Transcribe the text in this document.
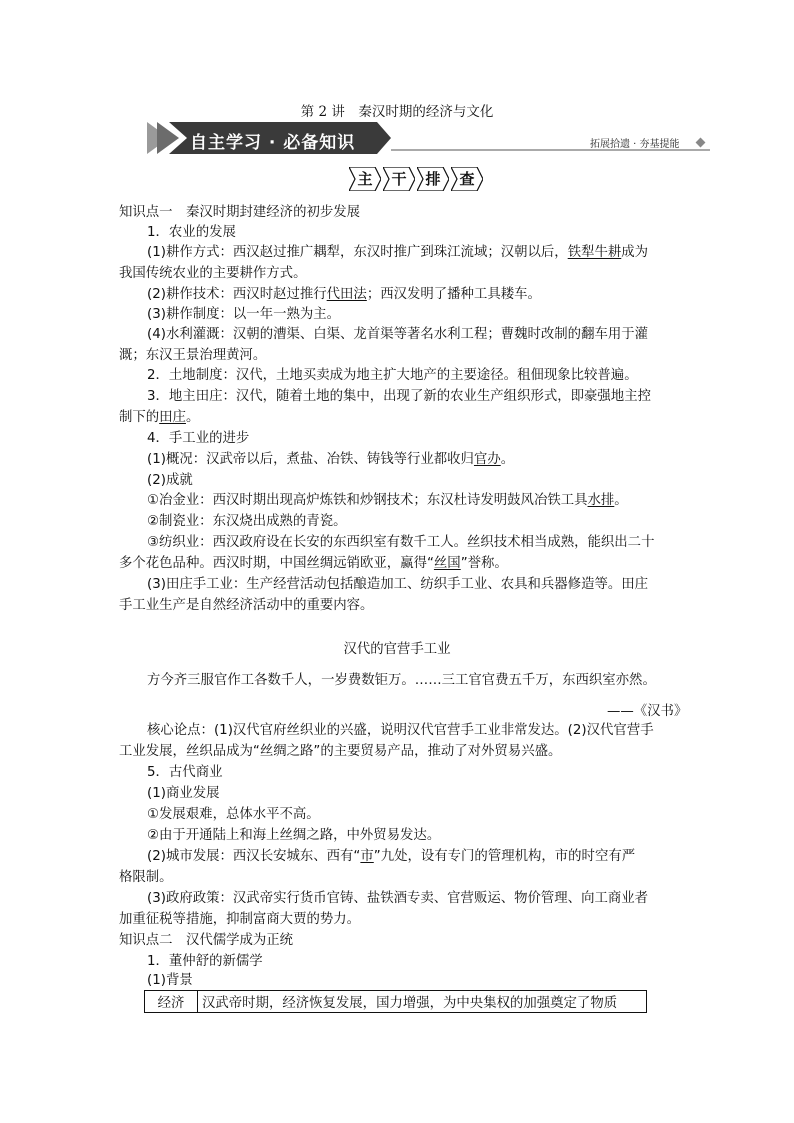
第 2 讲　秦汉时期的经济与文化
自主学习 · 必备知识	拓展拾遗 · 夯基提能
主	干	排	查
知识点一　秦汉时期封建经济的初步发展
1．农业的发展
(1)耕作方式：西汉赵过推广耦犁，东汉时推广到珠江流域；汉朝以后，铁犁牛耕成为
我国传统农业的主要耕作方式。
(2)耕作技术：西汉时赵过推行代田法；西汉发明了播种工具耧车。
(3)耕作制度：以一年一熟为主。
(4)水利灌溉：汉朝的漕渠、白渠、龙首渠等著名水利工程；曹魏时改制的翻车用于灌
溉；东汉王景治理黄河。
2．土地制度：汉代，土地买卖成为地主扩大地产的主要途径。租佃现象比较普遍。
3．地主田庄：汉代，随着土地的集中，出现了新的农业生产组织形式，即豪强地主控
制下的田庄。
4．手工业的进步
(1)概况：汉武帝以后，煮盐、冶铁、铸钱等行业都收归官办。
(2)成就
①冶金业：西汉时期出现高炉炼铁和炒钢技术；东汉杜诗发明鼓风冶铁工具水排。
②制瓷业：东汉烧出成熟的青瓷。
③纺织业：西汉政府设在长安的东西织室有数千工人。丝织技术相当成熟，能织出二十
多个花色品种。西汉时期，中国丝绸远销欧亚，赢得“丝国”誉称。
(3)田庄手工业：生产经营活动包括酿造加工、纺织手工业、农具和兵器修造等。田庄
手工业生产是自然经济活动中的重要内容。
汉代的官营手工业
方今齐三服官作工各数千人，一岁费数钜万。……三工官官费五千万，东西织室亦然。
——《汉书》
核心论点：(1)汉代官府丝织业的兴盛，说明汉代官营手工业非常发达。(2)汉代官营手
工业发展，丝织品成为“丝绸之路”的主要贸易产品，推动了对外贸易兴盛。
5．古代商业
(1)商业发展
①发展艰难，总体水平不高。
②由于开通陆上和海上丝绸之路，中外贸易发达。
(2)城市发展：西汉长安城东、西有“市”九处，设有专门的管理机构，市的时空有严
格限制。
(3)政府政策：汉武帝实行货币官铸、盐铁酒专卖、官营贩运、物价管理、向工商业者
加重征税等措施，抑制富商大贾的势力。
知识点二　汉代儒学成为正统
1．董仲舒的新儒学
(1)背景
经济	汉武帝时期，经济恢复发展，国力增强，为中央集权的加强奠定了物质
